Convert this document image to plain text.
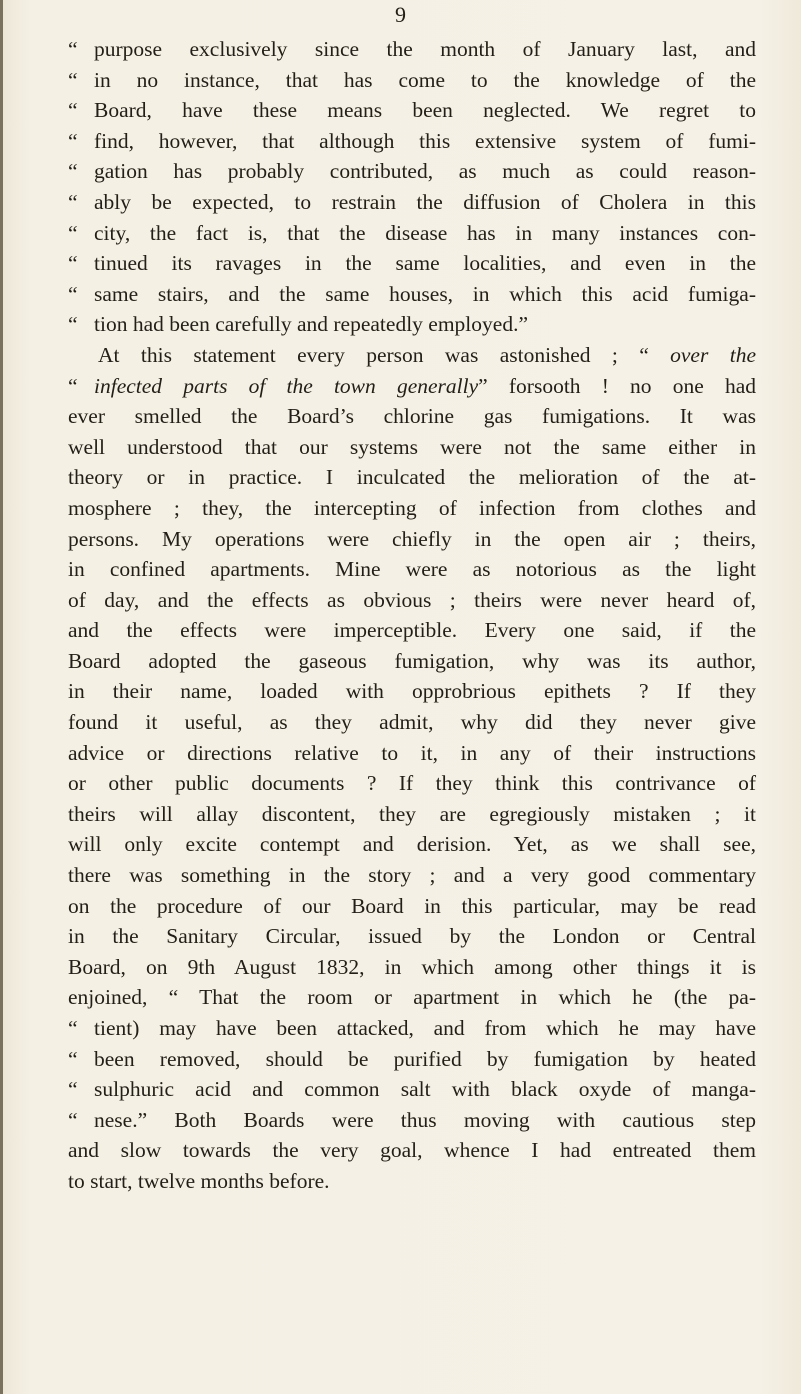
9
“ purpose exclusively since the month of January last, and
“ in no instance, that has come to the knowledge of the
“ Board, have these means been neglected. We regret to
“ find, however, that although this extensive system of fumi-
“ gation has probably contributed, as much as could reason-
“ ably be expected, to restrain the diffusion of Cholera in this
“ city, the fact is, that the disease has in many instances con-
“ tinued its ravages in the same localities, and even in the
“ same stairs, and the same houses, in which this acid fumiga-
“ tion had been carefully and repeatedly employed.”
At this statement every person was astonished ; “ over the
“ infected parts of the town generally” forsooth ! no one had
ever smelled the Board’s chlorine gas fumigations. It was
well understood that our systems were not the same either in
theory or in practice. I inculcated the melioration of the at-
mosphere ; they, the intercepting of infection from clothes and
persons. My operations were chiefly in the open air ; theirs,
in confined apartments. Mine were as notorious as the light
of day, and the effects as obvious ; theirs were never heard of,
and the effects were imperceptible. Every one said, if the
Board adopted the gaseous fumigation, why was its author,
in their name, loaded with opprobrious epithets ? If they
found it useful, as they admit, why did they never give
advice or directions relative to it, in any of their instructions
or other public documents ? If they think this contrivance of
theirs will allay discontent, they are egregiously mistaken ; it
will only excite contempt and derision. Yet, as we shall see,
there was something in the story ; and a very good commentary
on the procedure of our Board in this particular, may be read
in the Sanitary Circular, issued by the London or Central
Board, on 9th August 1832, in which among other things it is
enjoined, “ That the room or apartment in which he (the pa-
“ tient) may have been attacked, and from which he may have
“ been removed, should be purified by fumigation by heated
“ sulphuric acid and common salt with black oxyde of manga-
“ nese.” Both Boards were thus moving with cautious step
and slow towards the very goal, whence I had entreated them
to start, twelve months before.
